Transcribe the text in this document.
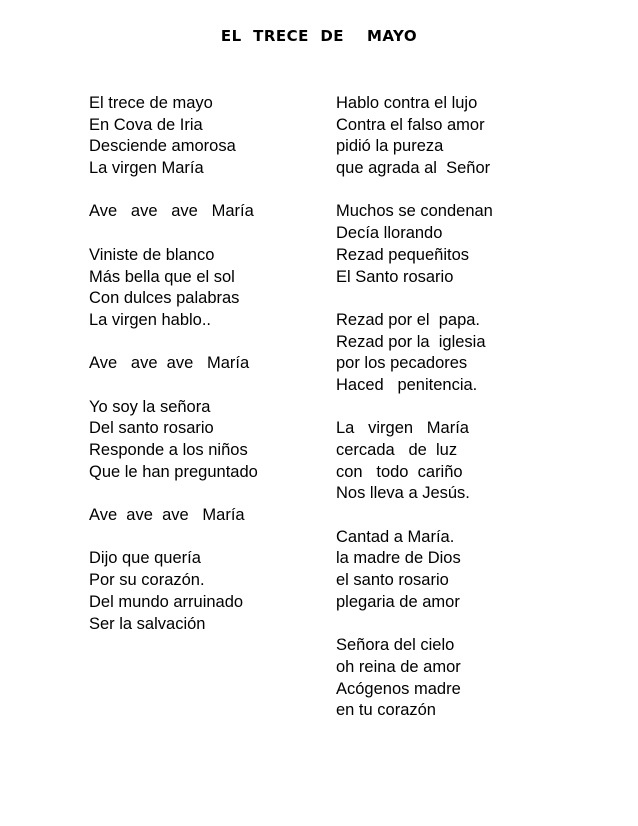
EL  TRECE  DE    MAYO
El trece de mayo
En Cova de Iria
Desciende amorosa
La virgen María
Ave   ave   ave   María
Viniste de blanco
Más bella que el sol
Con dulces palabras
La virgen hablo..
Ave   ave  ave   María
Yo soy la señora
Del santo rosario
Responde a los niños
Que le han preguntado
Ave  ave  ave   María
Dijo que quería
Por su corazón.
Del mundo arruinado
Ser la salvación
Hablo contra el lujo
Contra el falso amor
pidió la pureza
que agrada al  Señor
Muchos se condenan
Decía llorando
Rezad pequeñitos
El Santo rosario
Rezad por el  papa.
Rezad por la  iglesia
por los pecadores
Haced   penitencia.
La   virgen   María
cercada   de  luz
con   todo  cariño
Nos lleva a Jesús.
Cantad a María.
la madre de Dios
el santo rosario
plegaria de amor
Señora del cielo
oh reina de amor
Acógenos madre
en tu corazón
